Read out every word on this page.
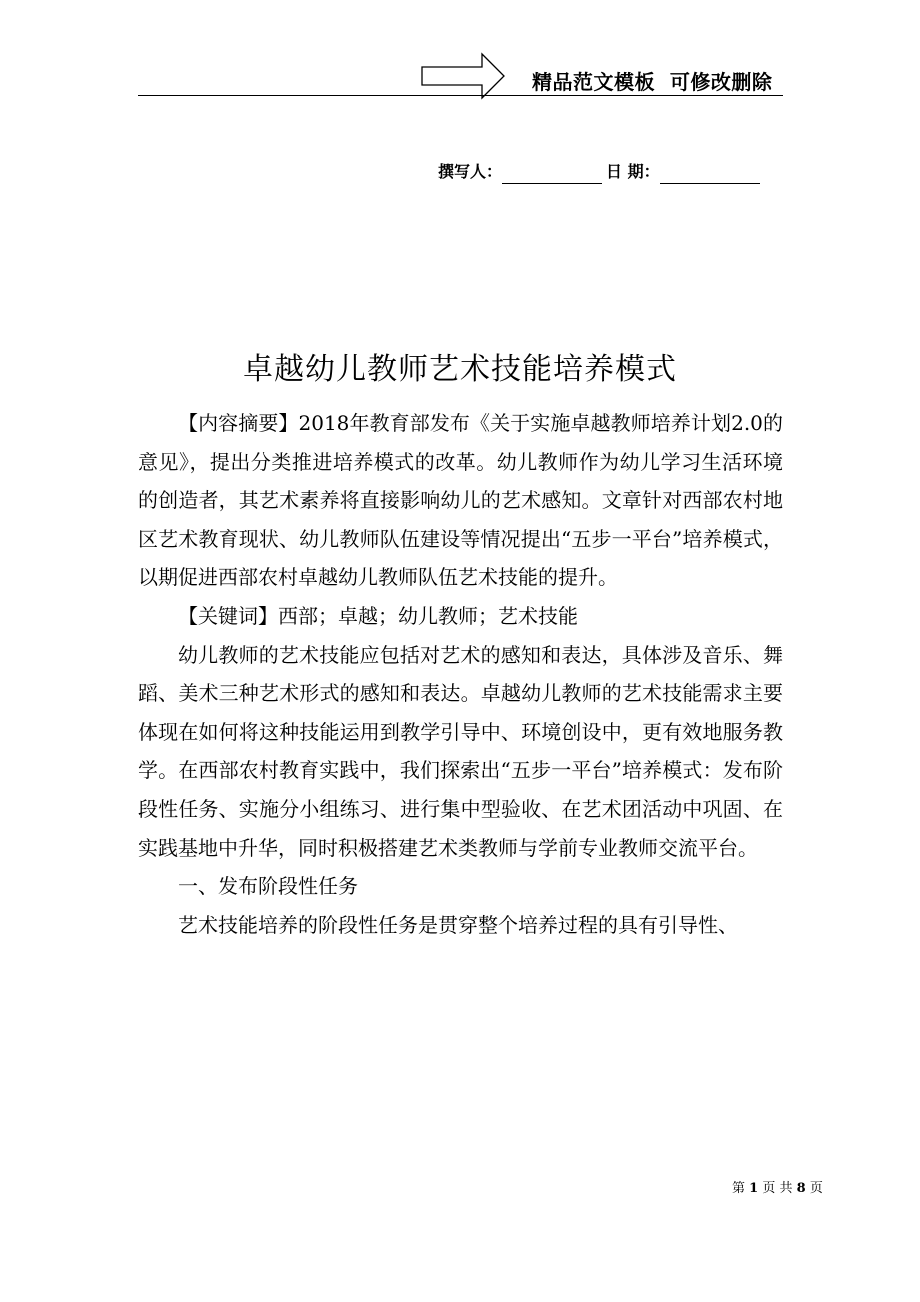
精品范文模板  可修改删除
撰写人：	日 期：
卓越幼儿教师艺术技能培养模式

【内容摘要】2018年教育部发布《关于实施卓越教师培养计划2.0的意见》，提出分类推进培养模式的改革。幼儿教师作为幼儿学习生活环境的创造者，其艺术素养将直接影响幼儿的艺术感知。文章针对西部农村地区艺术教育现状、幼儿教师队伍建设等情况提出“五步一平台”培养模式，以期促进西部农村卓越幼儿教师队伍艺术技能的提升。

【关键词】西部；卓越；幼儿教师；艺术技能

幼儿教师的艺术技能应包括对艺术的感知和表达，具体涉及音乐、舞蹈、美术三种艺术形式的感知和表达。卓越幼儿教师的艺术技能需求主要体现在如何将这种技能运用到教学引导中、环境创设中，更有效地服务教学。在西部农村教育实践中，我们探索出“五步一平台”培养模式：发布阶段性任务、实施分小组练习、进行集中型验收、在艺术团活动中巩固、在实践基地中升华，同时积极搭建艺术类教师与学前专业教师交流平台。

一、发布阶段性任务

艺术技能培养的阶段性任务是贯穿整个培养过程的具有引导性、

第 1 页 共 8 页
